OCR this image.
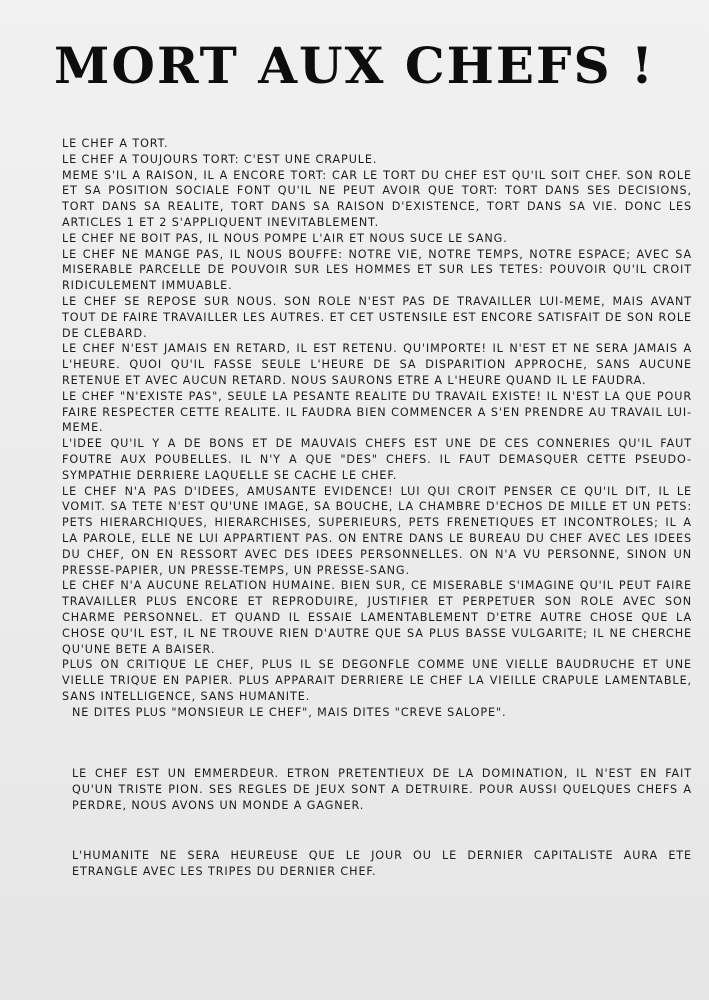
MORT AUX CHEFS !

LE CHEF A TORT.

LE CHEF A TOUJOURS TORT: C'EST UNE CRAPULE.

MEME S'IL A RAISON, IL A ENCORE TORT: CAR LE TORT DU CHEF EST QU'IL SOIT CHEF. SON ROLE ET SA POSITION SOCIALE FONT QU'IL NE PEUT AVOIR QUE TORT: TORT DANS SES DECISIONS, TORT DANS SA REALITE, TORT DANS SA RAISON D'EXISTENCE, TORT DANS SA VIE. DONC LES ARTICLES 1 ET 2 S'APPLIQUENT INEVITABLEMENT.

LE CHEF NE BOIT PAS, IL NOUS POMPE L'AIR ET NOUS SUCE LE SANG.

LE CHEF NE MANGE PAS, IL NOUS BOUFFE: NOTRE VIE, NOTRE TEMPS, NOTRE ESPACE; AVEC SA MISERABLE PARCELLE DE POUVOIR SUR LES HOMMES ET SUR LES TETES: POUVOIR QU'IL CROIT RIDICULEMENT IMMUABLE.

LE CHEF SE REPOSE SUR NOUS. SON ROLE N'EST PAS DE TRAVAILLER LUI-MEME, MAIS AVANT TOUT DE FAIRE TRAVAILLER LES AUTRES. ET CET USTENSILE EST ENCORE SATISFAIT DE SON ROLE DE CLEBARD.

LE CHEF N'EST JAMAIS EN RETARD, IL EST RETENU. QU'IMPORTE! IL N'EST ET NE SERA JAMAIS A L'HEURE. QUOI QU'IL FASSE SEULE L'HEURE DE SA DISPARITION APPROCHE, SANS AUCUNE RETENUE ET AVEC AUCUN RETARD. NOUS SAURONS ETRE A L'HEURE QUAND IL LE FAUDRA.

LE CHEF "N'EXISTE PAS", SEULE LA PESANTE REALITE DU TRAVAIL EXISTE! IL N'EST LA QUE POUR FAIRE RESPECTER CETTE REALITE. IL FAUDRA BIEN COMMENCER A S'EN PRENDRE AU TRAVAIL LUI-MEME.

L'IDEE QU'IL Y A DE BONS ET DE MAUVAIS CHEFS EST UNE DE CES CONNERIES QU'IL FAUT FOUTRE AUX POUBELLES. IL N'Y A QUE "DES" CHEFS. IL FAUT DEMASQUER CETTE PSEUDO-SYMPATHIE DERRIERE LAQUELLE SE CACHE LE CHEF.

LE CHEF N'A PAS D'IDEES, AMUSANTE EVIDENCE! LUI QUI CROIT PENSER CE QU'IL DIT, IL LE VOMIT. SA TETE N'EST QU'UNE IMAGE, SA BOUCHE, LA CHAMBRE D'ECHOS DE MILLE ET UN PETS: PETS HIERARCHIQUES, HIERARCHISES, SUPERIEURS, PETS FRENETIQUES ET INCONTROLES; IL A LA PAROLE, ELLE NE LUI APPARTIENT PAS. ON ENTRE DANS LE BUREAU DU CHEF AVEC LES IDEES DU CHEF, ON EN RESSORT AVEC DES IDEES PERSONNELLES. ON N'A VU PERSONNE, SINON UN PRESSE-PAPIER, UN PRESSE-TEMPS, UN PRESSE-SANG.

LE CHEF N'A AUCUNE RELATION HUMAINE. BIEN SUR, CE MISERABLE S'IMAGINE QU'IL PEUT FAIRE TRAVAILLER PLUS ENCORE ET REPRODUIRE, JUSTIFIER ET PERPETUER SON ROLE AVEC SON CHARME PERSONNEL. ET QUAND IL ESSAIE LAMENTABLEMENT D'ETRE AUTRE CHOSE QUE LA CHOSE QU'IL EST, IL NE TROUVE RIEN D'AUTRE QUE SA PLUS BASSE VULGARITE; IL NE CHERCHE QU'UNE BETE A BAISER.

PLUS ON CRITIQUE LE CHEF, PLUS IL SE DEGONFLE COMME UNE VIELLE BAUDRUCHE ET UNE VIELLE TRIQUE EN PAPIER. PLUS APPARAIT DERRIERE LE CHEF LA VIEILLE CRAPULE LAMENTABLE, SANS INTELLIGENCE, SANS HUMANITE.

NE DITES PLUS "MONSIEUR LE CHEF", MAIS DITES "CREVE SALOPE".

LE CHEF EST UN EMMERDEUR. ETRON PRETENTIEUX DE LA DOMINATION, IL N'EST EN FAIT QU'UN TRISTE PION. SES REGLES DE JEUX SONT A DETRUIRE. POUR AUSSI QUELQUES CHEFS A PERDRE, NOUS AVONS UN MONDE A GAGNER.

L'HUMANITE NE SERA HEUREUSE QUE LE JOUR OU LE DERNIER CAPITALISTE AURA ETE ETRANGLE AVEC LES TRIPES DU DERNIER CHEF.
